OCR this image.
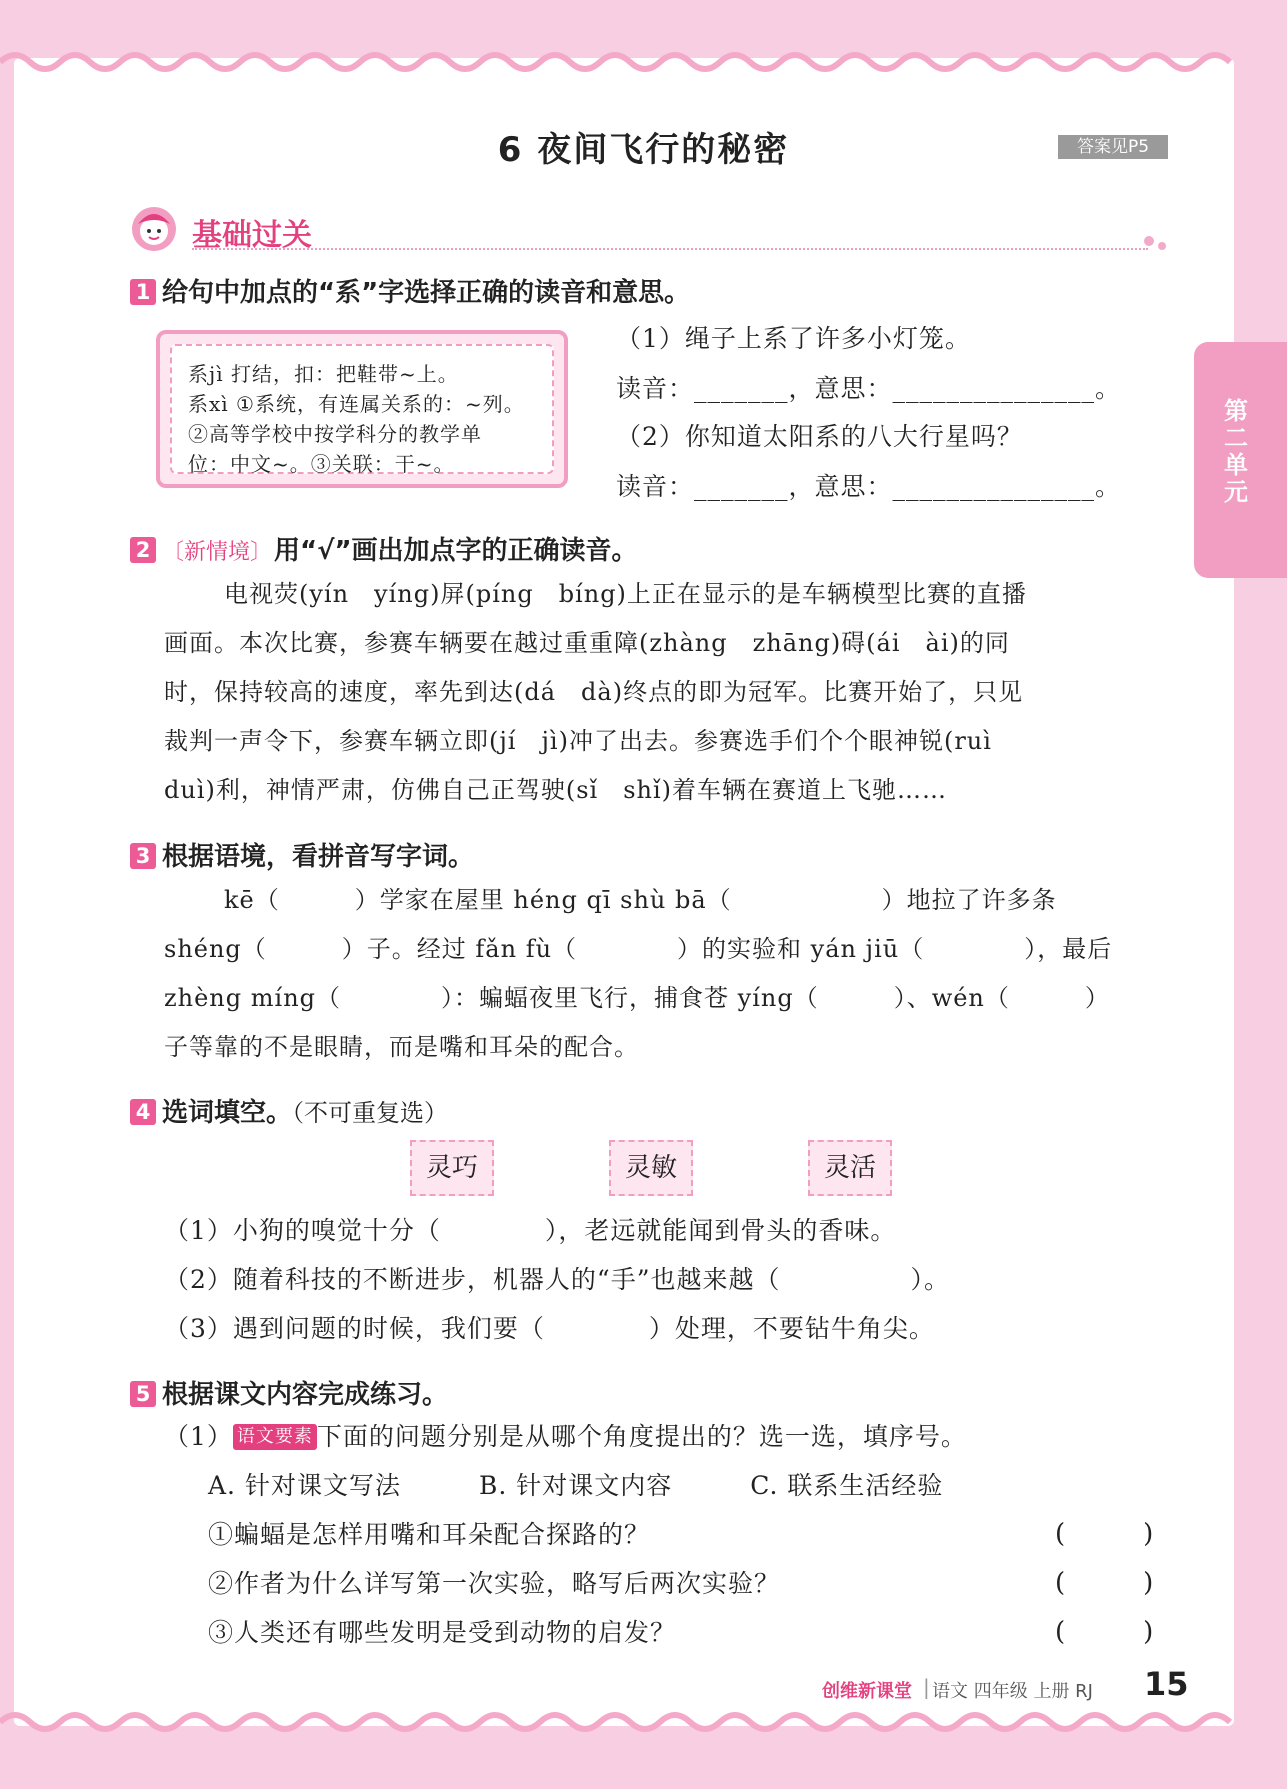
6 夜间飞行的秘密	答案见P5
基础过关
第二单元
1 给句中加点的“系”字选择正确的读音和意思。
系jì 打结，扣：把鞋带~上。
系xì ①系统，有连属关系的：~列。
②高等学校中按学科分的教学单
位：中文~。③关联：干~。
（1）绳子上系了许多小灯笼。
读音：_______，意思：_______________。
（2）你知道太阳系的八大行星吗？
读音：_______，意思：_______________。
2 〔新情境〕用“√”画出加点字的正确读音。
电视荧(yín　yíng)屏(píng　bíng)上正在显示的是车辆模型比赛的直播
画面。本次比赛，参赛车辆要在越过重重障(zhàng　zhāng)碍(ái　ài)的同
时，保持较高的速度，率先到达(dá　dà)终点的即为冠军。比赛开始了，只见
裁判一声令下，参赛车辆立即(jí　jì)冲了出去。参赛选手们个个眼神锐(ruì
duì)利，神情严肃，仿佛自己正驾驶(sǐ　shǐ)着车辆在赛道上飞驰……
3 根据语境，看拼音写字词。
kē（　　　）学家在屋里 héng qī shù bā（　　　　　　）地拉了许多条
shéng（　　　）子。经过 fǎn fù（　　　　）的实验和 yán jiū（　　　　），最后
zhèng míng（　　　　）：蝙蝠夜里飞行，捕食苍 yíng（　　　）、wén（　　　）
子等靠的不是眼睛，而是嘴和耳朵的配合。
4 选词填空。（不可重复选）
灵巧	灵敏	灵活
（1）小狗的嗅觉十分（　　　　），老远就能闻到骨头的香味。
（2）随着科技的不断进步，机器人的“手”也越来越（　　　　　）。
（3）遇到问题的时候，我们要（　　　　）处理，不要钻牛角尖。
5 根据课文内容完成练习。
（1） 语文要素 下面的问题分别是从哪个角度提出的？选一选，填序号。
A. 针对课文写法　　　B. 针对课文内容　　　C. 联系生活经验
①蝙蝠是怎样用嘴和耳朵配合探路的？	(　　　)
②作者为什么详写第一次实验，略写后两次实验？	(　　　)
③人类还有哪些发明是受到动物的启发？	(　　　)
创维新课堂 | 语文 四年级 上册 RJ 15
